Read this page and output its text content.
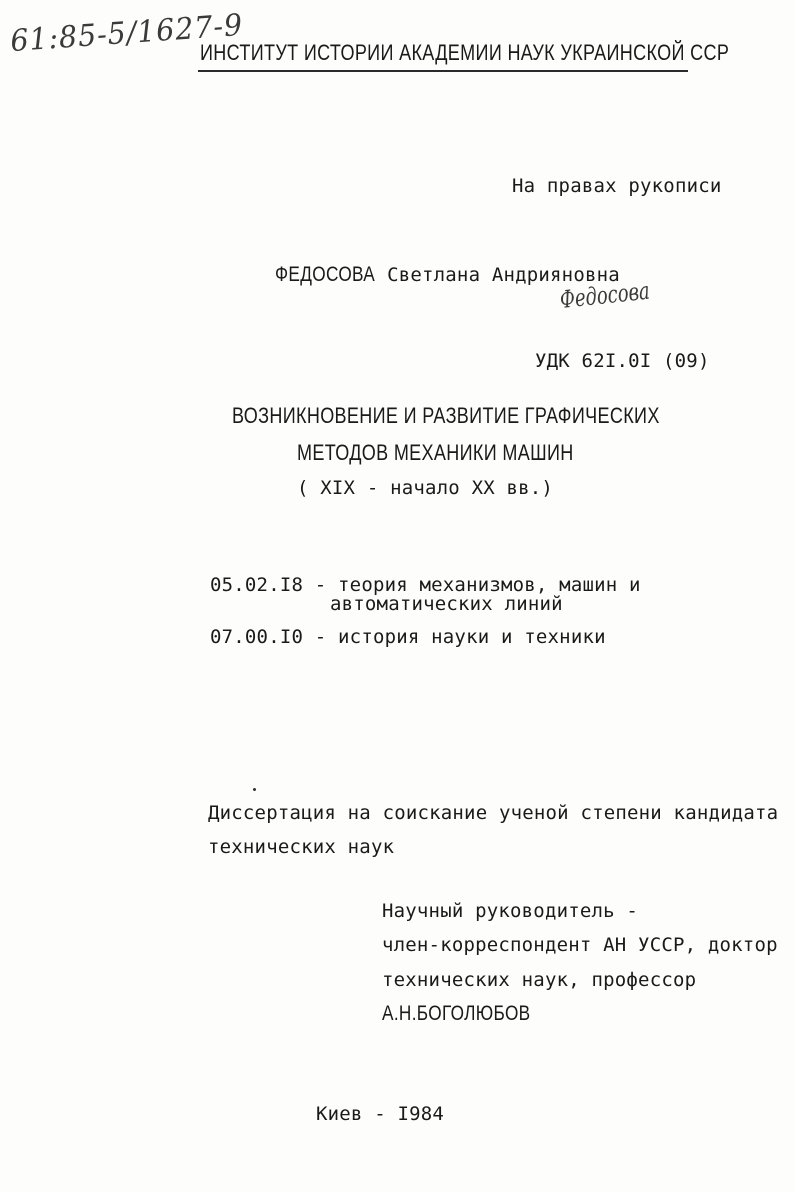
61:85-5/1627-9
ИНСТИТУТ ИСТОРИИ АКАДЕМИИ НАУК УКРАИНСКОЙ ССР
На правах рукописи
ФЕДОСОВА Светлана Андрияновна
Федосова
УДК 62I.0I (09)
ВОЗНИКНОВЕНИЕ И РАЗВИТИЕ ГРАФИЧЕСКИХ
МЕТОДОВ МЕХАНИКИ МАШИН
( XIX - начало XX вв.)
05.02.I8 - теория механизмов, машин и
автоматических линий
07.00.I0 - история науки и техники
Диссертация на соискание ученой степени кандидата
технических наук
Научный руководитель -
член-корреспондент АН УССР, доктор
технических наук, профессор
А.Н.БОГОЛЮБОВ
Киев - I984
